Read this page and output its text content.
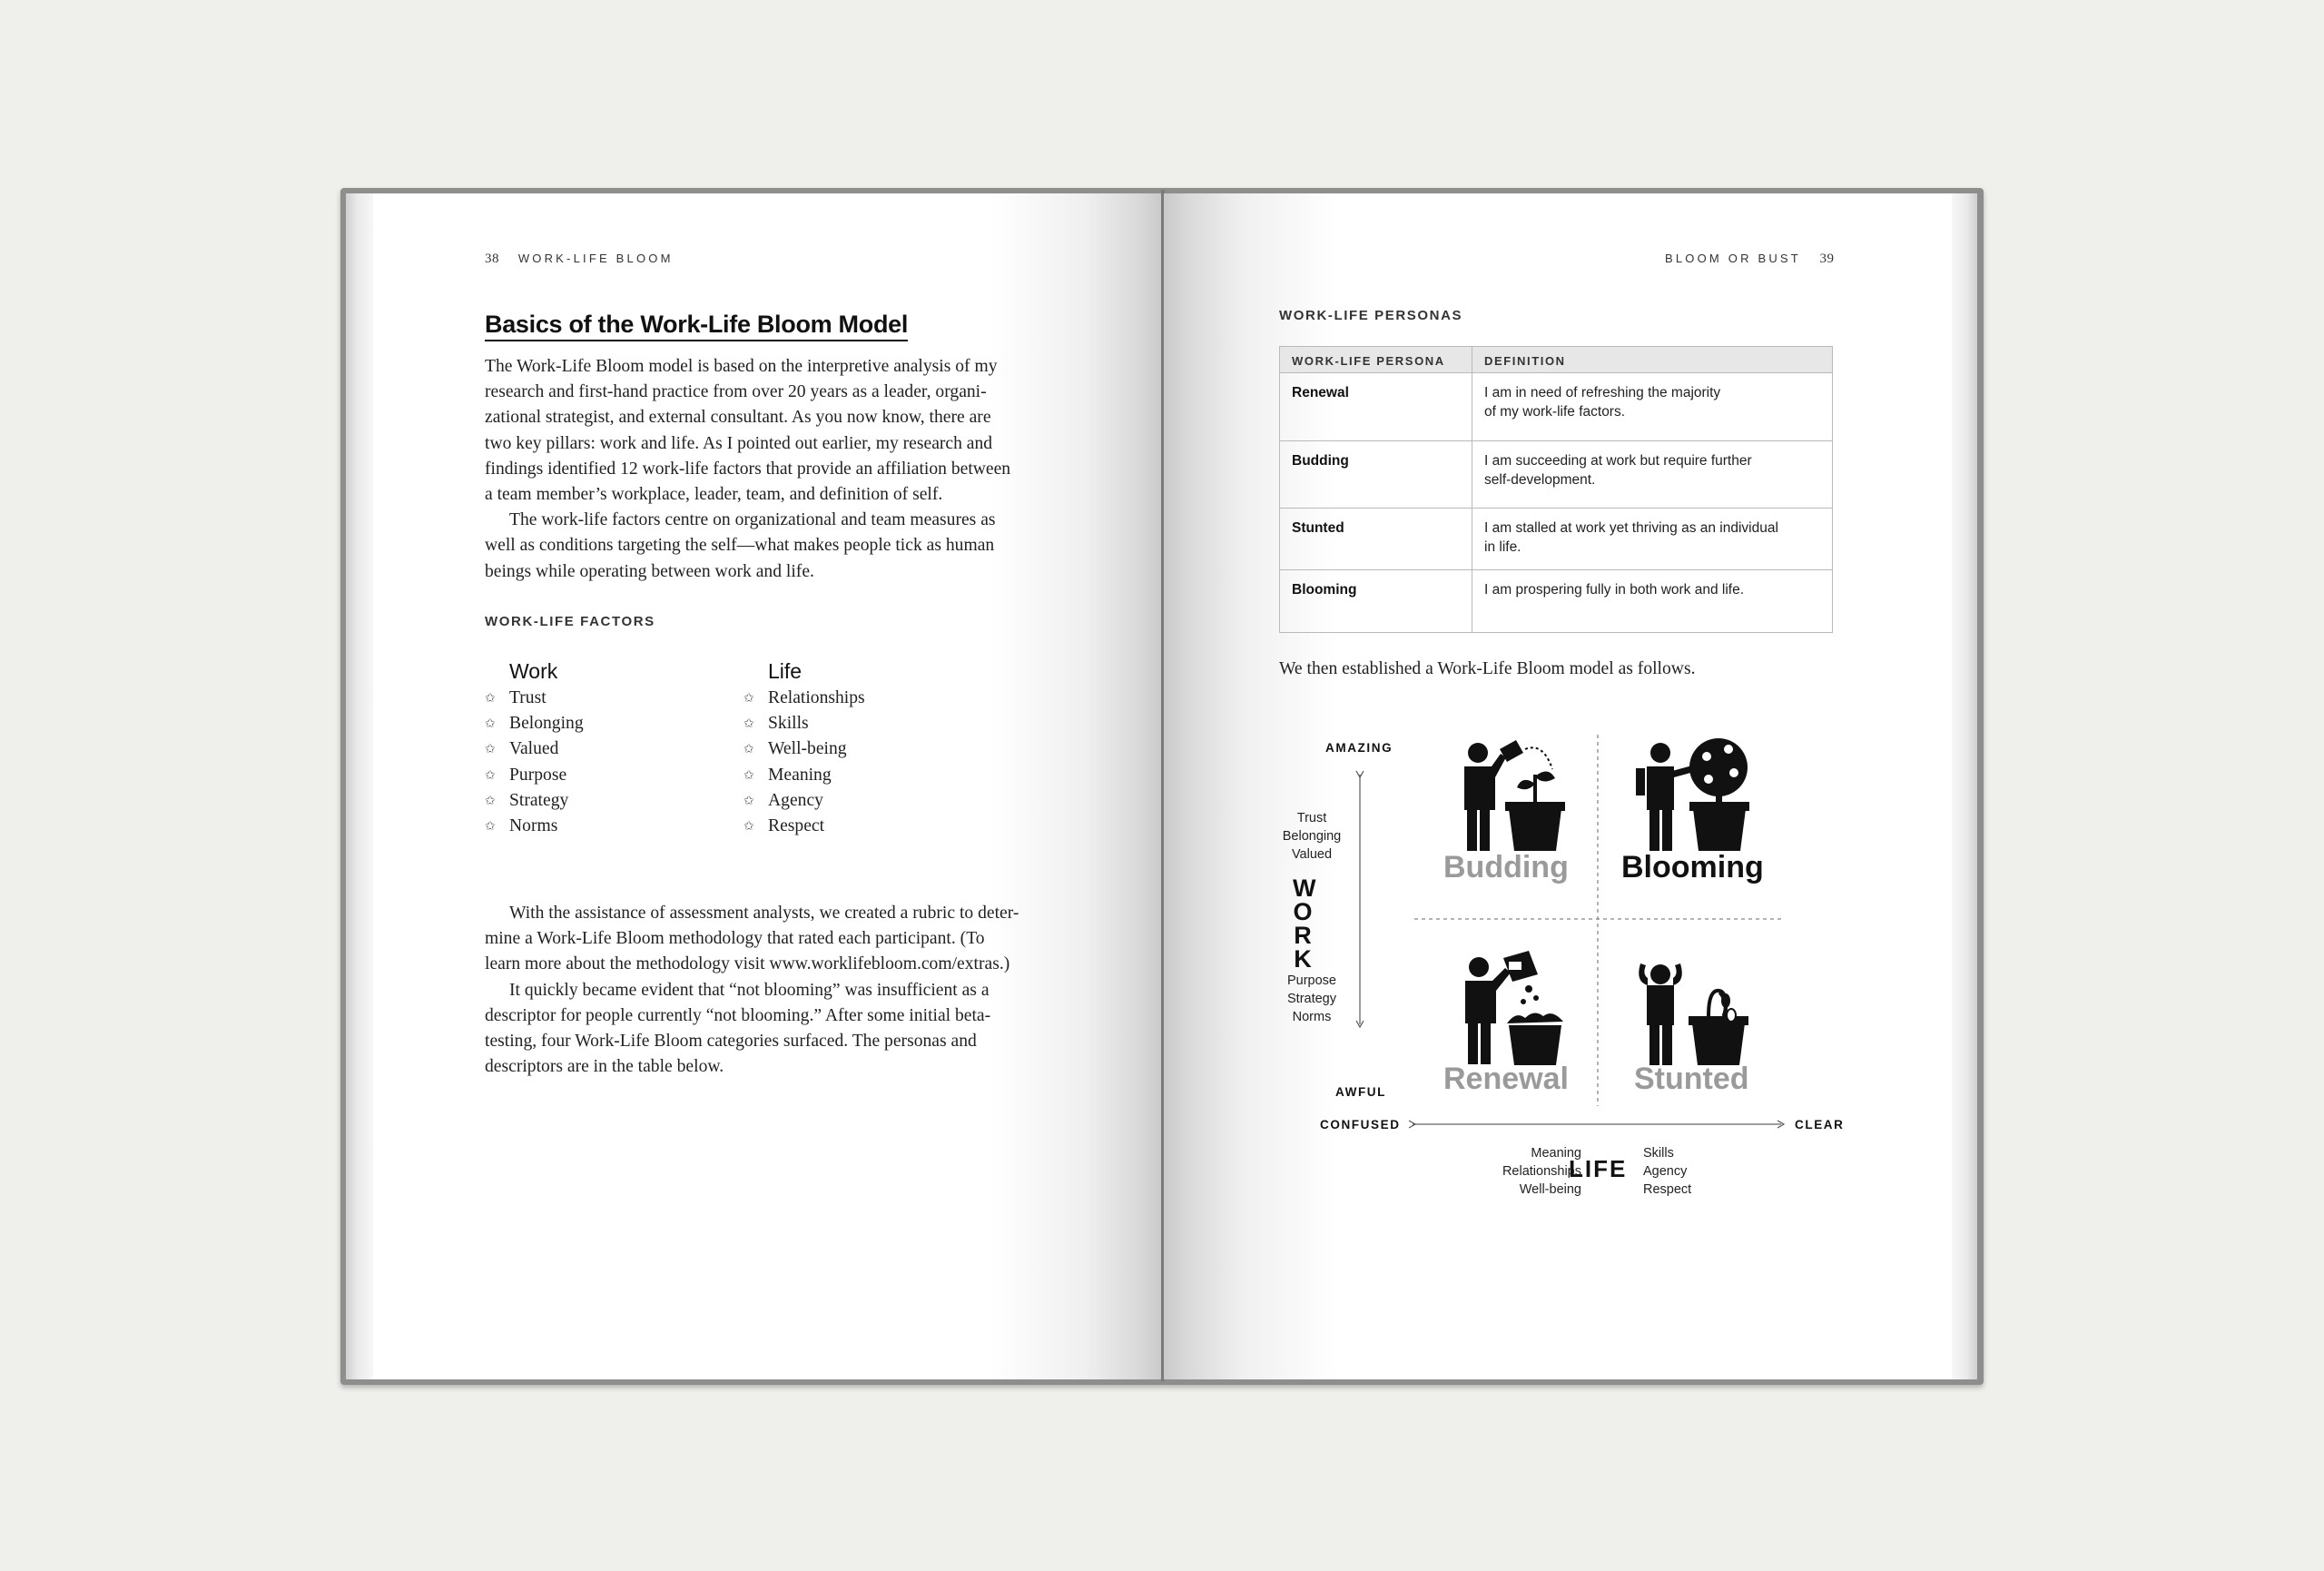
38 WORK-LIFE BLOOM
Basics of the Work-Life Bloom Model
The Work-Life Bloom model is based on the interpretive analysis of my
research and first-hand practice from over 20 years as a leader, organi-
zational strategist, and external consultant. As you now know, there are
two key pillars: work and life. As I pointed out earlier, my research and
findings identified 12 work-life factors that provide an affiliation between
a team member’s workplace, leader, team, and definition of self.
The work-life factors centre on organizational and team measures as
well as conditions targeting the self—what makes people tick as human
beings while operating between work and life.
WORK-LIFE FACTORS
Work
✩ Trust
✩ Belonging
✩ Valued
✩ Purpose
✩ Strategy
✩ Norms
Life
✩ Relationships
✩ Skills
✩ Well-being
✩ Meaning
✩ Agency
✩ Respect
With the assistance of assessment analysts, we created a rubric to deter-
mine a Work-Life Bloom methodology that rated each participant. (To
learn more about the methodology visit www.worklifebloom.com/extras.)
It quickly became evident that “not blooming” was insufficient as a
descriptor for people currently “not blooming.” After some initial beta-
testing, four Work-Life Bloom categories surfaced. The personas and
descriptors are in the table below.
BLOOM OR BUST 39
WORK-LIFE PERSONAS
WORK-LIFE PERSONA	DEFINITION
Renewal	I am in need of refreshing the majority
of my work-life factors.

Budding	I am succeeding at work but require further
self-development.

Stunted	I am stalled at work yet thriving as an individual
in life.

Blooming	I am prospering fully in both work and life.
We then established a Work-Life Bloom model as follows.
AMAZING
AWFUL
CONFUSED	CLEAR
Trust
Belonging
Valued
WORK
Purpose
Strategy
Norms
Meaning
Relationships
Well-being
LIFE
Skills
Agency
Respect
Budding Blooming
Renewal Stunted
